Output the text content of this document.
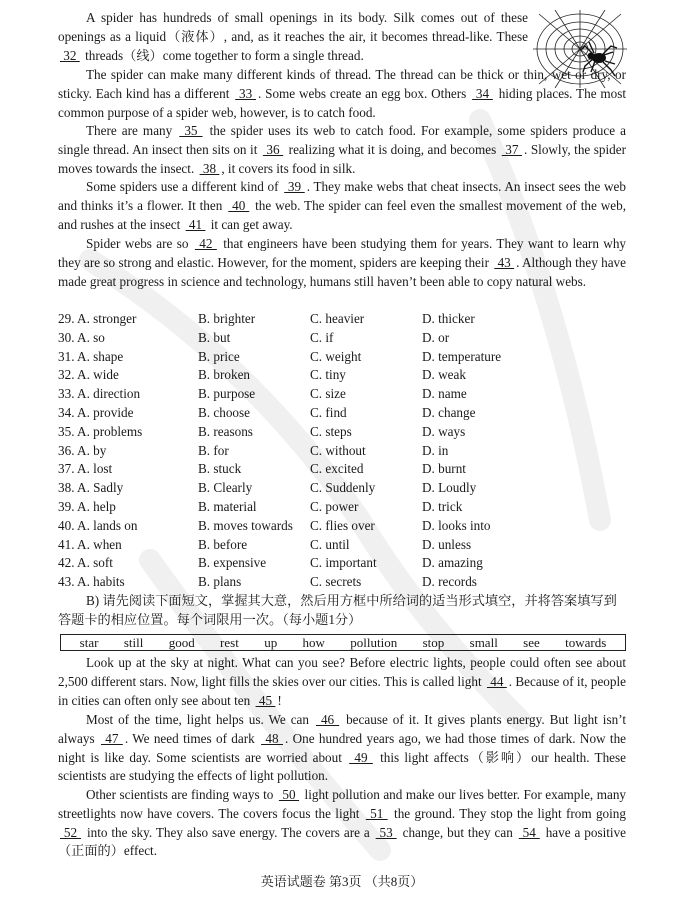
A spider has hundreds of small openings in its body. Silk comes out of these openings as a liquid（液体）, and, as it reaches the air, it becomes thread-like. These  32  threads（线）come together to form a single thread.

The spider can make many different kinds of thread. The thread can be thick or thin, wet or dry, or sticky. Each kind has a different  33 . Some webs create an egg box. Others  34  hiding places. The most common purpose of a spider web, however, is to catch food.

There are many  35  the spider uses its web to catch food. For example, some spiders produce a single thread. An insect then sits on it  36  realizing what it is doing, and becomes  37 . Slowly, the spider moves towards the insect.  38 , it covers its food in silk.

Some spiders use a different kind of  39 . They make webs that cheat insects. An insect sees the web and thinks it’s a flower. It then  40  the web. The spider can feel even the smallest movement of the web, and rushes at the insect  41  it can get away.

Spider webs are so  42  that engineers have been studying them for years. They want to learn why they are so strong and elastic. However, for the moment, spiders are keeping their  43 . Although they have made great progress in science and technology, humans still haven’t been able to copy natural webs.

29. A. stronger	B. brighter	C. heavier	D. thicker
30. A. so	B. but	C. if	D. or
31. A. shape	B. price	C. weight	D. temperature
32. A. wide	B. broken	C. tiny	D. weak
33. A. direction	B. purpose	C. size	D. name
34. A. provide	B. choose	C. find	D. change
35. A. problems	B. reasons	C. steps	D. ways
36. A. by	B. for	C. without	D. in
37. A. lost	B. stuck	C. excited	D. burnt
38. A. Sadly	B. Clearly	C. Suddenly	D. Loudly
39. A. help	B. material	C. power	D. trick
40. A. lands on	B. moves towards	C. flies over	D. looks into
41. A. when	B. before	C. until	D. unless
42. A. soft	B. expensive	C. important	D. amazing
43. A. habits	B. plans	C. secrets	D. records

B) 请先阅读下面短文，掌握其大意，然后用方框中所给词的适当形式填空，并将答案填写到答题卡的相应位置。每个词限用一次。（每小题1分）

star still good rest up how pollution stop small see towards

Look up at the sky at night. What can you see? Before electric lights, people could often see about 2,500 different stars. Now, light fills the skies over our cities. This is called light  44 . Because of it, people in cities can often only see about ten  45 !

Most of the time, light helps us. We can  46  because of it. It gives plants energy. But light isn’t always  47 . We need times of dark  48 . One hundred years ago, we had those times of dark. Now the night is like day. Some scientists are worried about  49  this light affects（影响）our health. These scientists are studying the effects of light pollution.

Other scientists are finding ways to  50  light pollution and make our lives better. For example, many streetlights now have covers. The covers focus the light  51  the ground. They stop the light from going  52  into the sky. They also save energy. The covers are a  53  change, but they can  54  have a positive（正面的）effect.

英语试题卷 第3页 （共8页）
